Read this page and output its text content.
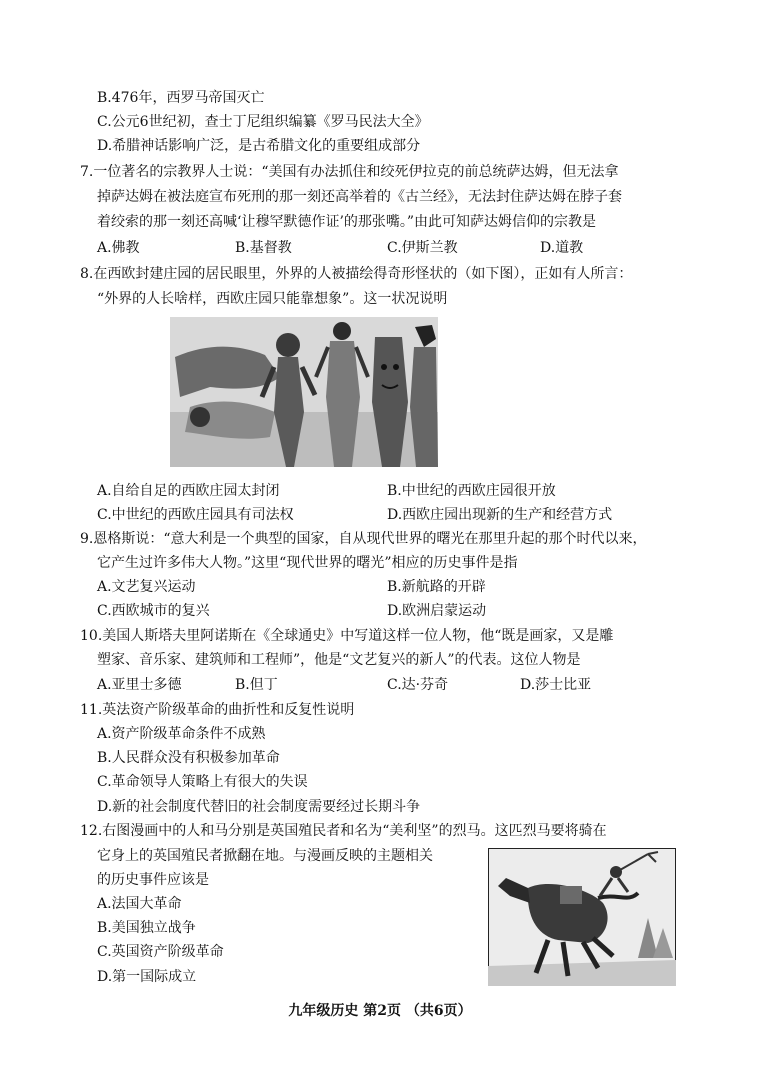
B.476年，西罗马帝国灭亡
C.公元6世纪初，查士丁尼组织编纂《罗马民法大全》
D.希腊神话影响广泛，是古希腊文化的重要组成部分
7.一位著名的宗教界人士说：“美国有办法抓住和绞死伊拉克的前总统萨达姆，但无法拿
掉萨达姆在被法庭宣布死刑的那一刻还高举着的《古兰经》，无法封住萨达姆在脖子套
着绞索的那一刻还高喊‘让穆罕默德作证’的那张嘴。”由此可知萨达姆信仰的宗教是
A.佛教	B.基督教	C.伊斯兰教	D.道教
8.在西欧封建庄园的居民眼里，外界的人被描绘得奇形怪状的（如下图），正如有人所言：
“外界的人长啥样，西欧庄园只能靠想象”。这一状况说明
A.自给自足的西欧庄园太封闭	B.中世纪的西欧庄园很开放
C.中世纪的西欧庄园具有司法权	D.西欧庄园出现新的生产和经营方式
9.恩格斯说：“意大利是一个典型的国家，自从现代世界的曙光在那里升起的那个时代以来，
它产生过许多伟大人物。”这里“现代世界的曙光”相应的历史事件是指
A.文艺复兴运动	B.新航路的开辟
C.西欧城市的复兴	D.欧洲启蒙运动
10.美国人斯塔夫里阿诺斯在《全球通史》中写道这样一位人物，他“既是画家，又是雕
塑家、音乐家、建筑师和工程师”，他是“文艺复兴的新人”的代表。这位人物是
A.亚里士多德	B.但丁	C.达·芬奇	D.莎士比亚
11.英法资产阶级革命的曲折性和反复性说明
A.资产阶级革命条件不成熟
B.人民群众没有积极参加革命
C.革命领导人策略上有很大的失误
D.新的社会制度代替旧的社会制度需要经过长期斗争
12.右图漫画中的人和马分别是英国殖民者和名为“美利坚”的烈马。这匹烈马要将骑在
它身上的英国殖民者掀翻在地。与漫画反映的主题相关
的历史事件应该是
A.法国大革命
B.美国独立战争
C.英国资产阶级革命
D.第一国际成立
九年级历史 第2页 （共6页）
